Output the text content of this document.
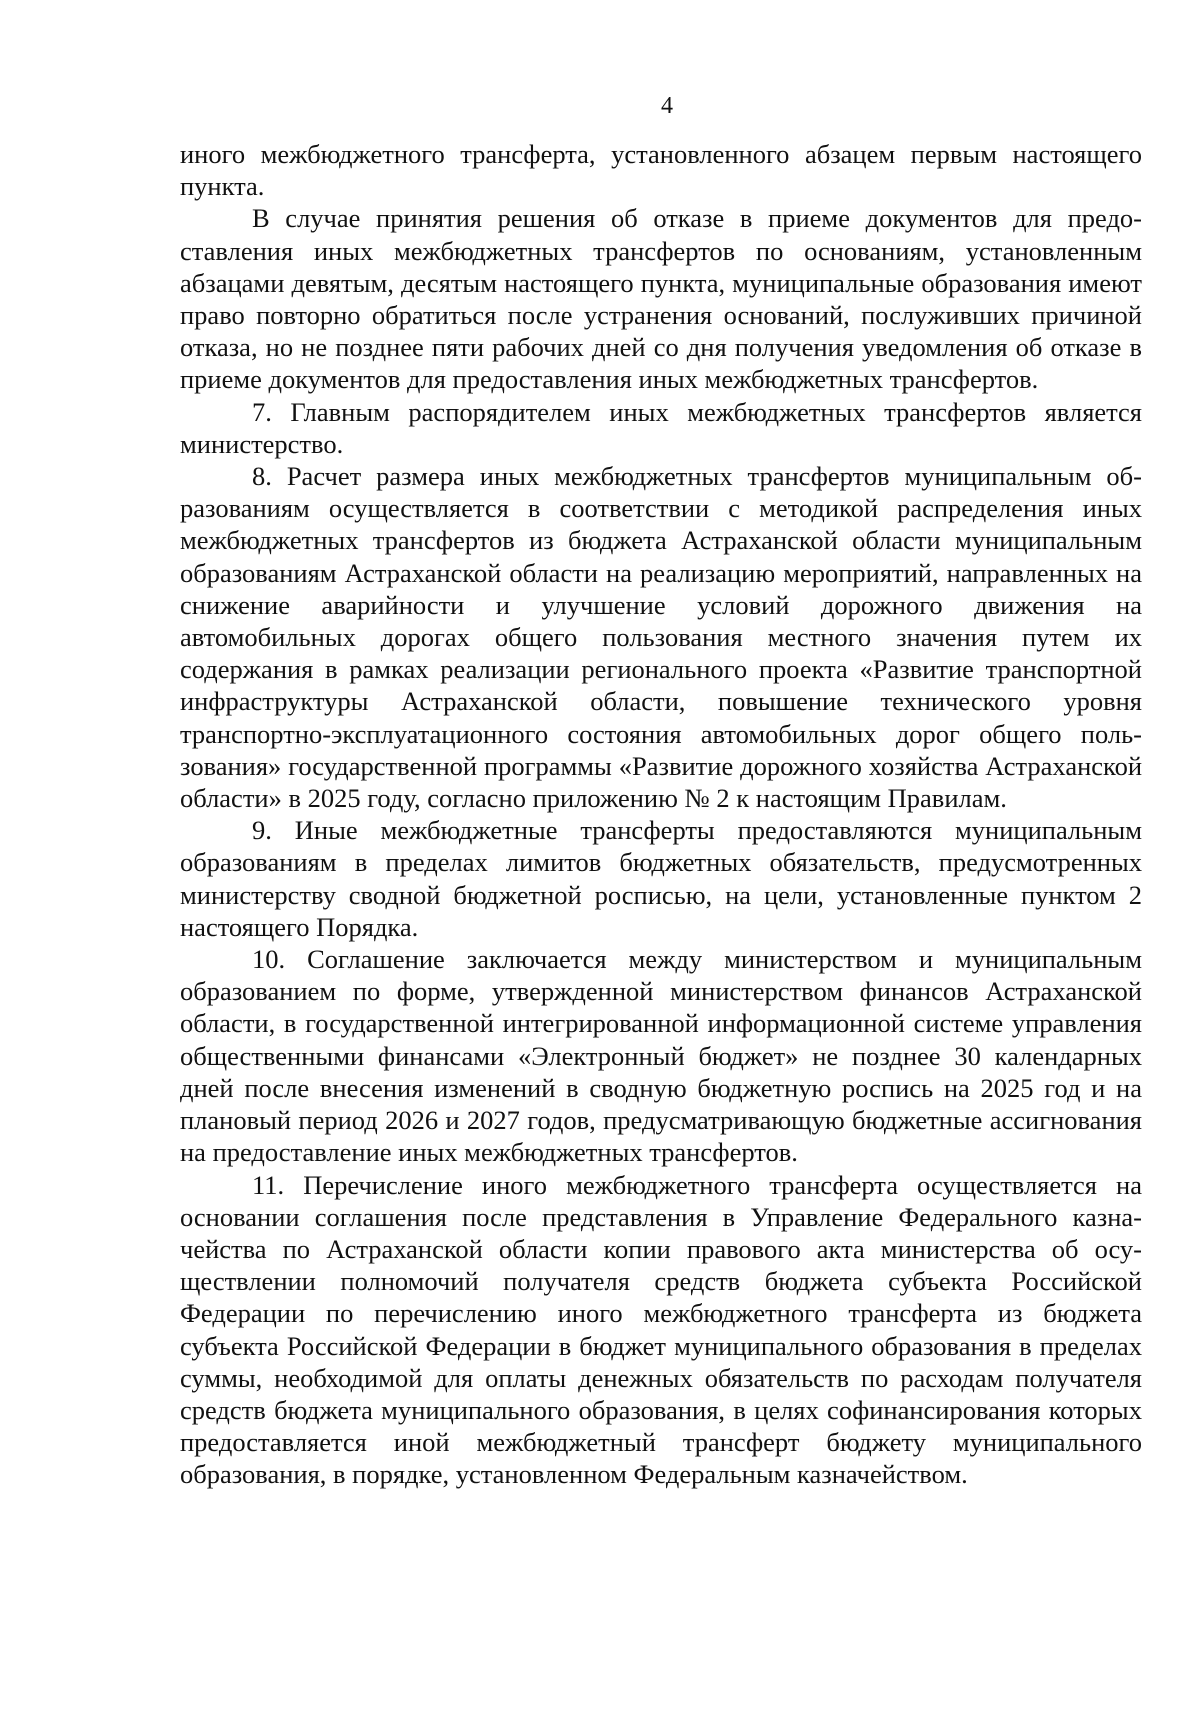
4

иного межбюджетного трансферта, установленного абзацем первым настоящего пункта.

В случае принятия решения об отказе в приеме документов для предоставления иных межбюджетных трансфертов по основаниям, установленным абзацами девятым, десятым настоящего пункта, муниципальные образования имеют право повторно обратиться после устранения оснований, послуживших причиной отказа, но не позднее пяти рабочих дней со дня получения уведомления об отказе в приеме документов для предоставления иных межбюджетных трансфертов.

7. Главным распорядителем иных межбюджетных трансфертов является министерство.

8. Расчет размера иных межбюджетных трансфертов муниципальным образованиям осуществляется в соответствии с методикой распределения иных межбюджетных трансфертов из бюджета Астраханской области муниципальным образованиям Астраханской области на реализацию мероприятий, направленных на снижение аварийности и улучшение условий дорожного движения на автомобильных дорогах общего пользования местного значения путем их содержания в рамках реализации регионального проекта «Развитие транспортной инфраструктуры Астраханской области, повышение технического уровня транспортно-эксплуатационного состояния автомобильных дорог общего пользования» государственной программы «Развитие дорожного хозяйства Астраханской области» в 2025 году, согласно приложению № 2 к настоящим Правилам.

9. Иные межбюджетные трансферты предоставляются муниципальным образованиям в пределах лимитов бюджетных обязательств, предусмотренных министерству сводной бюджетной росписью, на цели, установленные пунктом 2 настоящего Порядка.

10. Соглашение заключается между министерством и муниципальным образованием по форме, утвержденной министерством финансов Астраханской области, в государственной интегрированной информационной системе управления общественными финансами «Электронный бюджет» не позднее 30 календарных дней после внесения изменений в сводную бюджетную роспись на 2025 год и на плановый период 2026 и 2027 годов, предусматривающую бюджетные ассигнования на предоставление иных межбюджетных трансфертов.

11. Перечисление иного межбюджетного трансферта осуществляется на основании соглашения после представления в Управление Федерального казначейства по Астраханской области копии правового акта министерства об осуществлении полномочий получателя средств бюджета субъекта Российской Федерации по перечислению иного межбюджетного трансферта из бюджета субъекта Российской Федерации в бюджет муниципального образования в пределах суммы, необходимой для оплаты денежных обязательств по расходам получателя средств бюджета муниципального образования, в целях софинансирования которых предоставляется иной межбюджетный трансферт бюджету муниципального образования, в порядке, установленном Федеральным казначейством.
